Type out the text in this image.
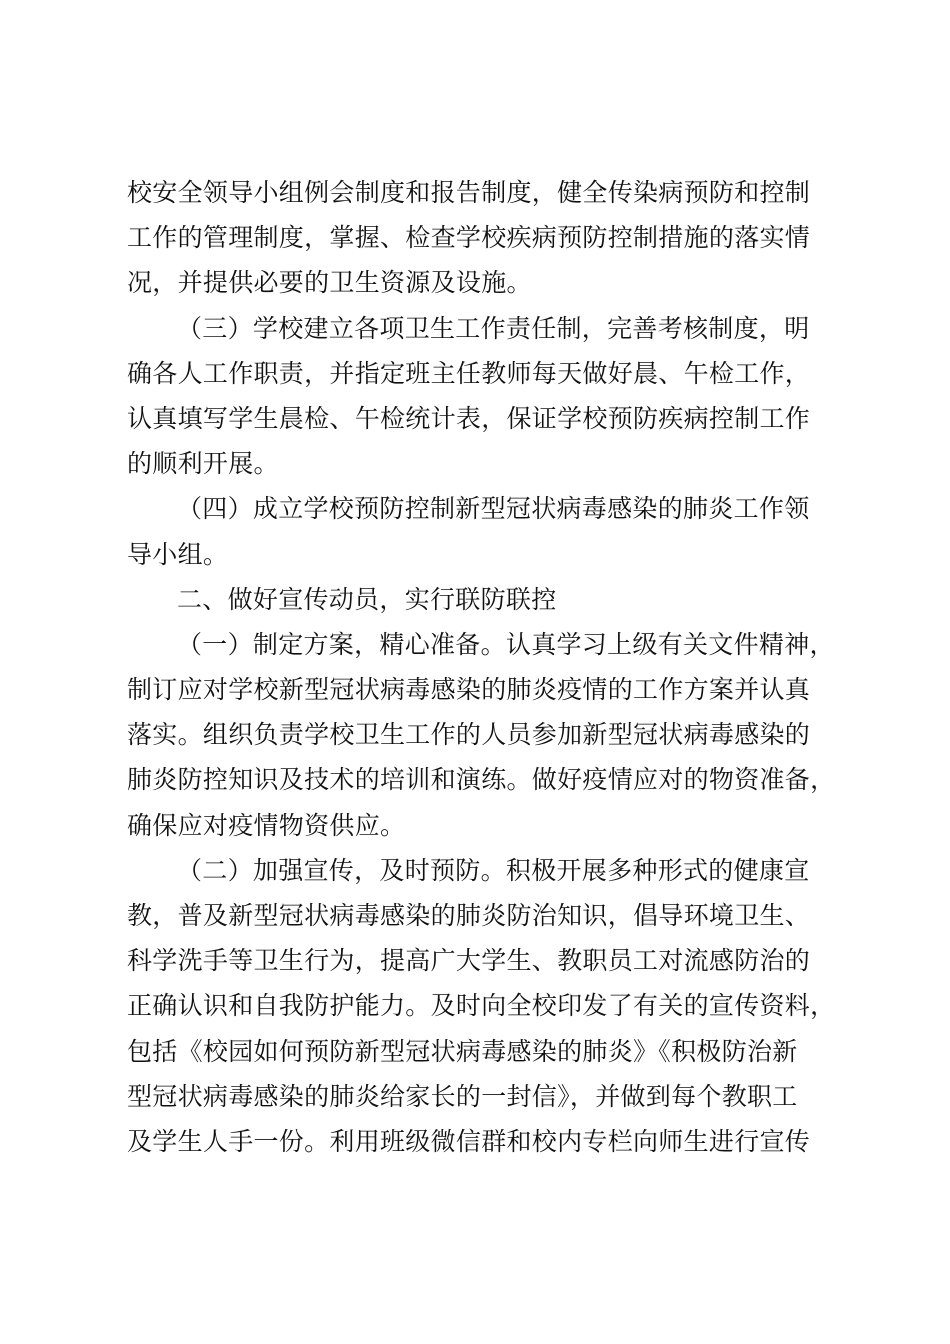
校安全领导小组例会制度和报告制度，健全传染病预防和控制
工作的管理制度，掌握、检查学校疾病预防控制措施的落实情
况，并提供必要的卫生资源及设施。
（三）学校建立各项卫生工作责任制，完善考核制度，明
确各人工作职责，并指定班主任教师每天做好晨、午检工作，
认真填写学生晨检、午检统计表，保证学校预防疾病控制工作
的顺利开展。
（四）成立学校预防控制新型冠状病毒感染的肺炎工作领
导小组。
二、做好宣传动员，实行联防联控
（一）制定方案，精心准备。认真学习上级有关文件精神，
制订应对学校新型冠状病毒感染的肺炎疫情的工作方案并认真
落实。组织负责学校卫生工作的人员参加新型冠状病毒感染的
肺炎防控知识及技术的培训和演练。做好疫情应对的物资准备，
确保应对疫情物资供应。
（二）加强宣传，及时预防。积极开展多种形式的健康宣
教，普及新型冠状病毒感染的肺炎防治知识，倡导环境卫生、
科学洗手等卫生行为，提高广大学生、教职员工对流感防治的
正确认识和自我防护能力。及时向全校印发了有关的宣传资料，
包括《校园如何预防新型冠状病毒感染的肺炎》《积极防治新
型冠状病毒感染的肺炎给家长的一封信》，并做到每个教职工
及学生人手一份。利用班级微信群和校内专栏向师生进行宣传
